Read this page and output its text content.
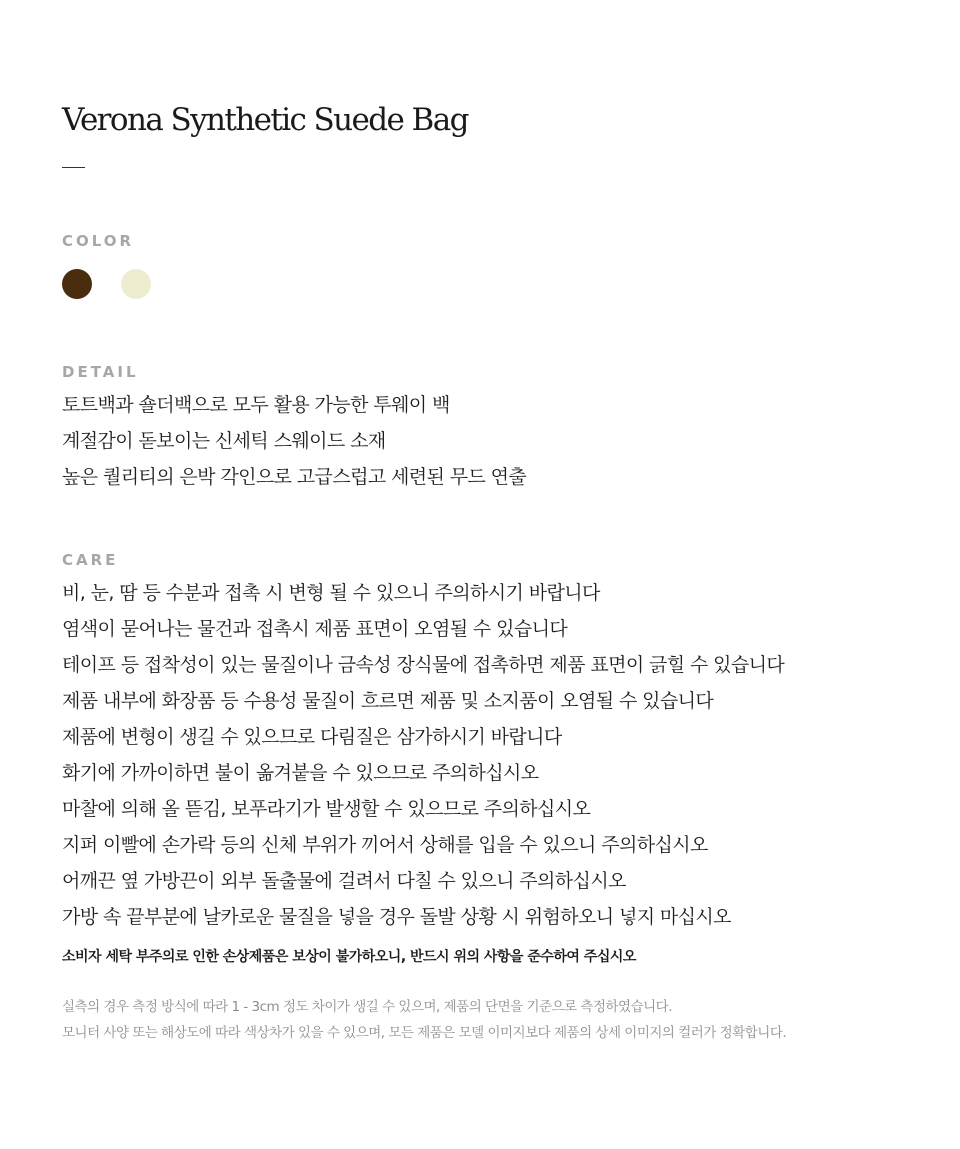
Verona Synthetic Suede Bag
COLOR
DETAIL
토트백과 숄더백으로 모두 활용 가능한 투웨이 백
계절감이 돋보이는 신세틱 스웨이드 소재
높은 퀄리티의 은박 각인으로 고급스럽고 세련된 무드 연출
CARE
비, 눈, 땀 등 수분과 접촉 시 변형 될 수 있으니 주의하시기 바랍니다
염색이 묻어나는 물건과 접촉시 제품 표면이 오염될 수 있습니다
테이프 등 접착성이 있는 물질이나 금속성 장식물에 접촉하면 제품 표면이 긁힐 수 있습니다
제품 내부에 화장품 등 수용성 물질이 흐르면 제품 및 소지품이 오염될 수 있습니다
제품에 변형이 생길 수 있으므로 다림질은 삼가하시기 바랍니다
화기에 가까이하면 불이 옮겨붙을 수 있으므로 주의하십시오
마찰에 의해 올 뜯김, 보푸라기가 발생할 수 있으므로 주의하십시오
지퍼 이빨에 손가락 등의 신체 부위가 끼어서 상해를 입을 수 있으니 주의하십시오
어깨끈 옆 가방끈이 외부 돌출물에 걸려서 다칠 수 있으니 주의하십시오
가방 속 끝부분에 날카로운 물질을 넣을 경우 돌발 상황 시 위험하오니 넣지 마십시오

소비자 세탁 부주의로 인한 손상제품은 보상이 불가하오니, 반드시 위의 사항을 준수하여 주십시오

실측의 경우 측정 방식에 따라 1 - 3cm 정도 차이가 생길 수 있으며, 제품의 단면을 기준으로 측정하였습니다.
모니터 사양 또는 해상도에 따라 색상차가 있을 수 있으며, 모든 제품은 모델 이미지보다 제품의 상세 이미지의 컬러가 정확합니다.
